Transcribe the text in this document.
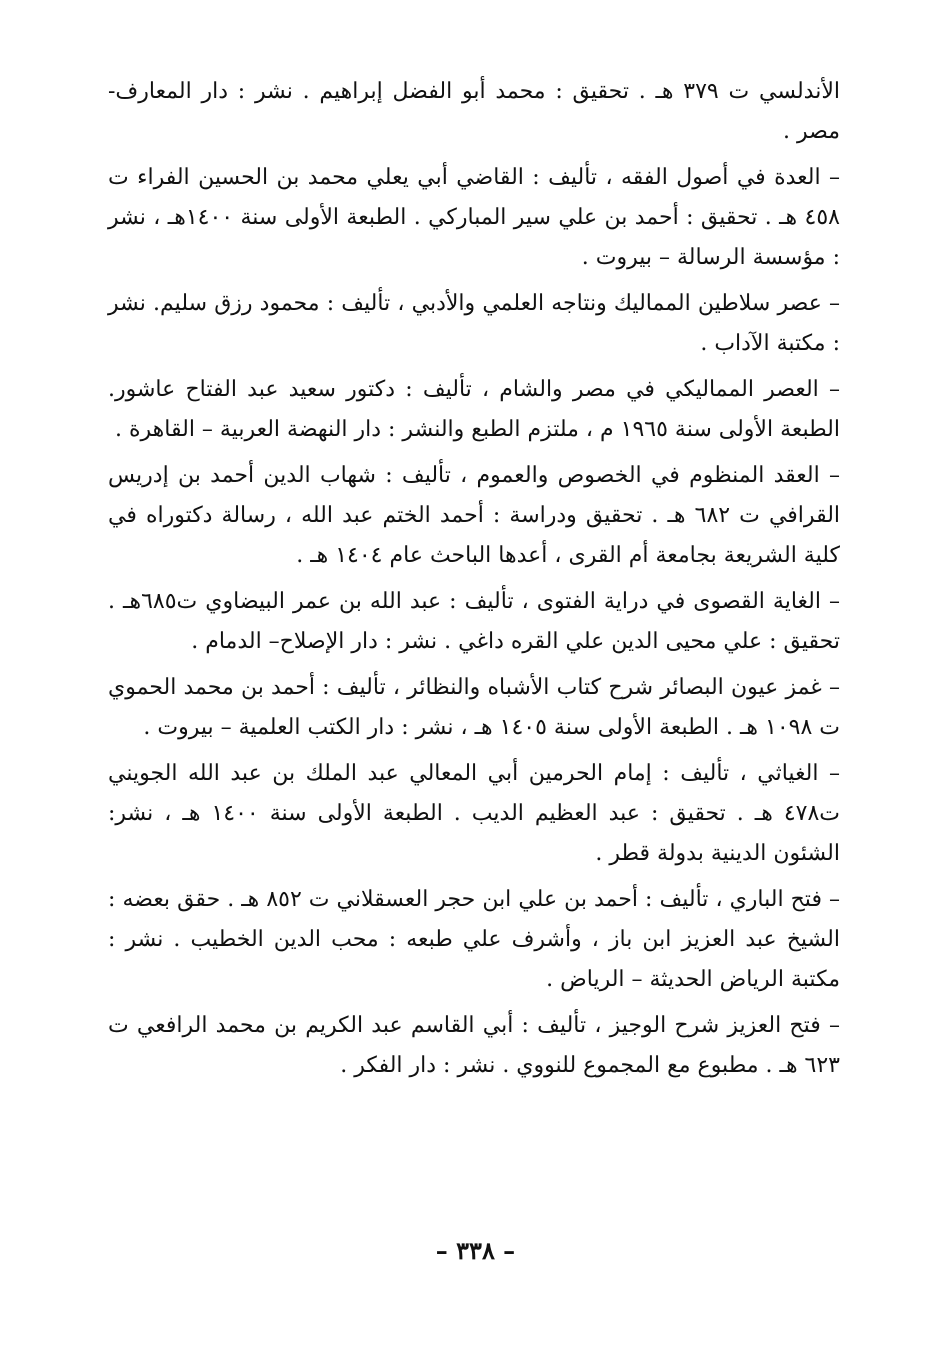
الأندلسي ت ٣٧٩ هـ . تحقيق : محمد أبو الفضل إبراهيم . نشر : دار المعارف- مصر .

– العدة في أصول الفقه ، تأليف : القاضي أبي يعلي محمد بن الحسين الفراء ت ٤٥٨ هـ . تحقيق : أحمد بن علي سير المباركي . الطبعة الأولى سنة ١٤٠٠هـ ، نشر : مؤسسة الرسالة – بيروت .

– عصر سلاطين المماليك ونتاجه العلمي والأدبي ، تأليف : محمود رزق سليم. نشر : مكتبة الآداب .

– العصر المماليكي في مصر والشام ، تأليف : دكتور سعيد عبد الفتاح عاشور. الطبعة الأولى سنة ١٩٦٥ م ، ملتزم الطبع والنشر : دار النهضة العربية – القاهرة .

– العقد المنظوم في الخصوص والعموم ، تأليف : شهاب الدين أحمد بن إدريس القرافي ت ٦٨٢ هـ . تحقيق ودراسة : أحمد الختم عبد الله ، رسالة دكتوراه في كلية الشريعة بجامعة أم القرى ، أعدها الباحث عام ١٤٠٤ هـ .

– الغاية القصوى في دراية الفتوى ، تأليف : عبد الله بن عمر البيضاوي ت٦٨٥هـ . تحقيق : علي محيى الدين علي القره داغي . نشر : دار الإصلاح– الدمام .

– غمز عيون البصائر شرح كتاب الأشباه والنظائر ، تأليف : أحمد بن محمد الحموي ت ١٠٩٨ هـ . الطبعة الأولى سنة ١٤٠٥ هـ ، نشر : دار الكتب العلمية – بيروت .

– الغياثي ، تأليف : إمام الحرمين أبي المعالي عبد الملك بن عبد الله الجويني ت٤٧٨ هـ . تحقيق : عبد العظيم الديب . الطبعة الأولى سنة ١٤٠٠ هـ ، نشر: الشئون الدينية بدولة قطر .

– فتح الباري ، تأليف : أحمد بن علي ابن حجر العسقلاني ت ٨٥٢ هـ . حقق بعضه : الشيخ عبد العزيز ابن باز ، وأشرف علي طبعه : محب الدين الخطيب . نشر : مكتبة الرياض الحديثة – الرياض .

– فتح العزيز شرح الوجيز ، تأليف : أبي القاسم عبد الكريم بن محمد الرافعي ت ٦٢٣ هـ . مطبوع مع المجموع للنووي . نشر : دار الفكر .

– ٣٣٨ –
